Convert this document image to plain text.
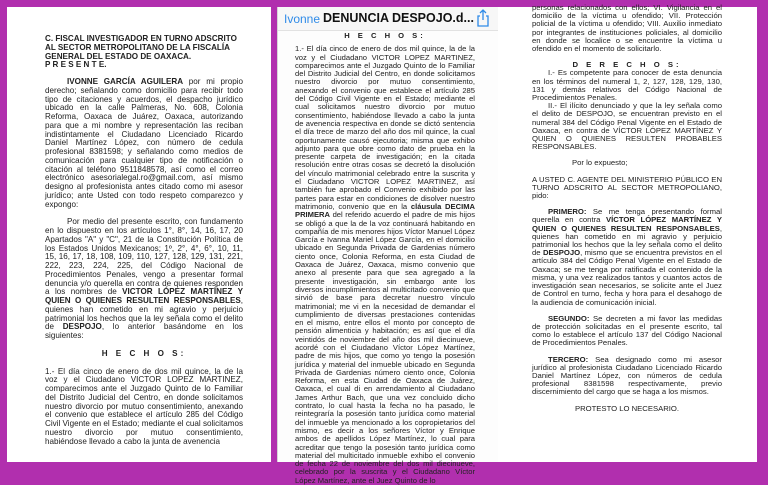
C. FISCAL INVESTIGADOR EN TURNO ADSCRITO AL SECTOR METROPOLITANO DE LA FISCALÍA GENERAL DEL ESTADO DE OAXACA.
P R E S E N T E.

IVONNE GARCÍA AGUILERA por mi propio derecho; señalando como domicilio para recibir todo tipo de citaciones y acuerdos, el despacho jurídico ubicado en la calle Palmeras, No. 608, Colonia Reforma, Oaxaca de Juárez, Oaxaca, autorizando para que a mi nombre y representación las reciban indistintamente el Ciudadano Licenciado Ricardo Daniel Martínez López, con número de cedula profesional 8381598; y señalando como medios de comunicación para cualquier tipo de notificación o citación al teléfono 9511848578, así como el correo electrónico asesorialegal.ro@gmail.com, así mismo designo al profesionista antes citado como mi asesor jurídico; ante Usted con todo respeto comparezco y expongo:

Por medio del presente escrito, con fundamento en lo dispuesto en los artículos 1°, 8°, 14, 16, 17, 20 Apartados "A" y "C", 21 de la Constitución Política de los Estados Unidos Mexicanos; 1º, 2°, 4°, 6°, 10, 11, 15, 16, 17, 18, 108, 109, 110, 127, 128, 129, 131, 221, 222, 223, 224, 225, del Código Nacional de Procedimientos Penales, vengo a presentar formal denuncia y/o querella en contra de quienes responden a los nombres de VICTOR LÓPEZ MARTÍNEZ Y QUIEN O QUIENES RESULTEN RESPONSABLES, quienes han cometido en mi agravio y perjuicio patrimonial los hechos que la ley señala como el delito de DESPOJO, lo anterior basándome en los siguientes:

H E C H O S:

1.- El día cinco de enero de dos mil quince, la de la voz y el Ciudadano VICTOR LOPEZ MARTINEZ, comparecimos ante el Juzgado Quinto de lo Familiar del Distrito Judicial del Centro, en donde solicitamos nuestro divorcio por mutuo consentimiento, anexando el convenio que establece el artículo 285 del Código Civil Vigente en el Estado; mediante el cual solicitamos nuestro divorcio por mutuo consentimiento, habiéndose llevado a cabo la junta de avenencia

H E C H O S:

1.- El día cinco de enero de dos mil quince, la de la voz y el Ciudadano VICTOR LOPEZ MARTINEZ, comparecimos ante el Juzgado Quinto de lo Familiar del Distrito Judicial del Centro, en donde solicitamos nuestro divorcio por mutuo consentimiento, anexando el convenio que establece el artículo 285 del Código Civil Vigente en el Estado; mediante el cual solicitamos nuestro divorcio por mutuo consentimiento, habiéndose llevado a cabo la junta de avenencia respectiva en donde se dictó sentencia el día trece de marzo del año dos mil quince, la cual oportunamente causó ejecutoria; misma que exhibo adjunto para que obre como dato de prueba en la presente carpeta de investigación; en la citada resolución entre otras cosas se decretó la disolución del vínculo matrimonial celebrado entre la suscrita y el Ciudadano VICTOR LOPEZ MARTINEZ, así también fue aprobado el Convenio exhibido por las partes para estar en condiciones de disolver nuestro matrimonio, convenio que en la cláusula DECIMA PRIMERA del referido acuerdo el padre de mis hijos se obligó a que la de la voz continuará habitando en compañía de mis menores hijos Víctor Manuel López García e Ivanna Mariel López García, en el domicilio ubicado en Segunda Privada de Gardenias número ciento once, Colonia Reforma, en esta Ciudad de Oaxaca de Juárez, Oaxaca, mismo convenio que anexo al presente para que sea agregado a la presente investigación, sin embargo ante los diversos incumplimientos al multicitado convenio que sirvió de base para decretar nuestro vínculo matrimonial; me vi en la necesidad de demandar el cumplimiento de diversas prestaciones contenidas en el mismo, entre ellos el monto por concepto de pensión alimenticia y habitación; es así que el día veintidós de noviembre del año dos mil diecinueve, acordé con el Ciudadano Víctor López Martínez, padre de mis hijos, que como yo tengo la posesión jurídica y material del inmueble ubicado en Segunda Privada de Gardenias número ciento once, Colonia Reforma, en esta Ciudad de Oaxaca de Juárez, Oaxaca, el cual di en arrendamiento al Ciudadano James Arthur Bach, que una vez concluido dicho contrato, lo cual hasta la fecha no ha pasado, le reintegraría la posesión tanto jurídica como material del inmueble ya mencionado a los copropietarios del mismo, es decir a los señores Víctor y Enrique ambos de apellidos López Martínez, lo cual para acreditar que tengo la posesión tanto jurídica como material del multicitado inmueble exhibo el convenio de fecha 22 de noviembre del dos mil diecinueve, celebrado por la suscrita y el Ciudadano Víctor López Martínez, ante el Juez Quinto de lo

Ivonne DENUNCIA DESPOJO.d...

personas relacionados con ellos; VI. Vigilancia en el domicilio de la víctima u ofendido; VII. Protección policial de la víctima u ofendido; VIII. Auxilio inmediato por integrantes de instituciones policiales, al domicilio en donde se localice o se encuentre la víctima u ofendido en el momento de solicitarlo.

D E R E C H O S:

I.- Es competente para conocer de esta denuncia en los términos del numeral 1, 2, 127, 128, 129, 130, 131 y demás relativos del Código Nacional de Procedimientos Penales.

II.- El ilícito denunciado y que la ley señala como el delito de DESPOJO, se encuentran previsto en el numeral 384 del Código Penal Vigente en el Estado de Oaxaca, en contra de VÍCTOR LÓPEZ MARTÍNEZ Y QUIEN O QUIENES RESULTEN PROBABLES RESPONSABLES.

Por lo expuesto;

A USTED C. AGENTE DEL MINISTERIO PÚBLICO EN TURNO ADSCRITO AL SECTOR METROPOLIANO, pido:

PRIMERO: Se me tenga presentando formal querella en contra VÍCTOR LÓPEZ MARTÍNEZ Y QUIEN O QUIENES RESULTEN RESPONSABLES, quienes han cometido en mi agravio y perjuicio patrimonial los hechos que la ley señala como el delito de DESPOJO, mismo que se encuentra previstos en el artículo 384 del Código Penal Vigente en el Estado de Oaxaca; se me tenga por ratificada el contenido de la misma, y una vez realizados tantos y cuantos actos de investigación sean necesarios, se solicite ante el Juez de Control en turno, fecha y hora para el desahogo de la audiencia de comunicación inicial.

SEGUNDO: Se decreten a mi favor las medidas de protección solicitadas en el presente escrito, tal como lo establece el artículo 137 del Código Nacional de Procedimientos Penales.

TERCERO: Sea designado como mi asesor jurídico al profesionista Ciudadano Licenciado Ricardo Daniel Martínez López, con números de cedula profesional 8381598 respectivamente, previo discernimiento del cargo que se haga a los mismos.

PROTESTO LO NECESARIO.
